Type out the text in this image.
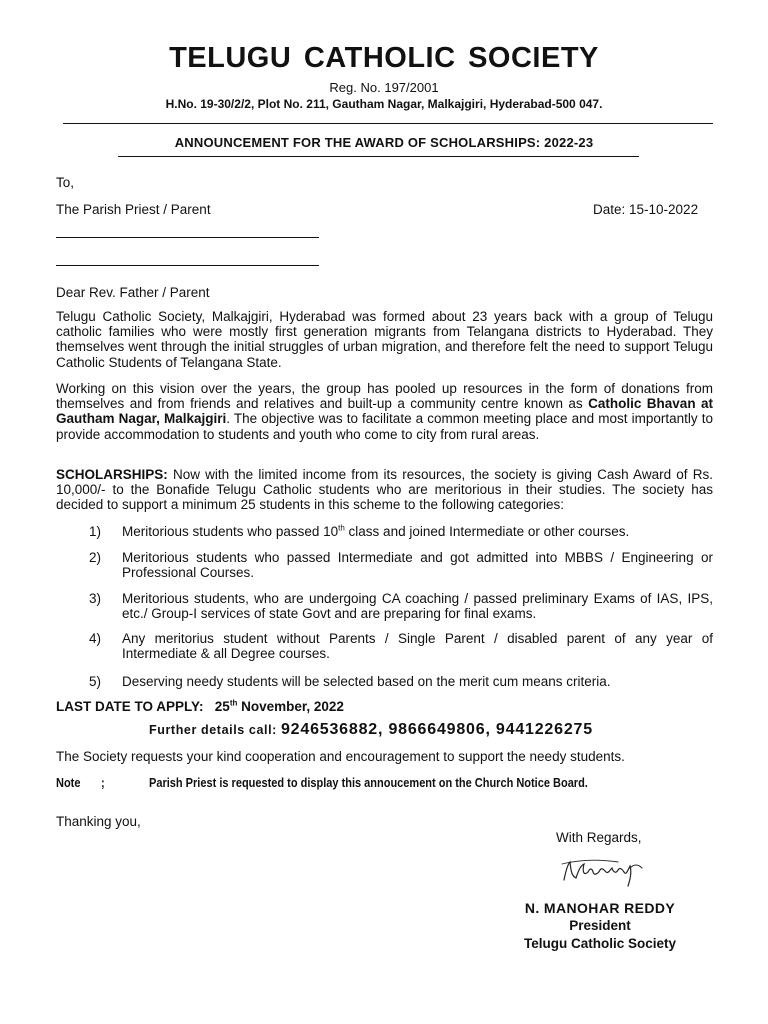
TELUGU CATHOLIC SOCIETY
Reg. No. 197/2001
H.No. 19-30/2/2, Plot No. 211, Gautham Nagar, Malkajgiri, Hyderabad-500 047.
ANNOUNCEMENT FOR THE AWARD OF SCHOLARSHIPS: 2022-23
To,
The Parish Priest / Parent	Date: 15-10-2022
Dear Rev. Father / Parent
Telugu Catholic Society, Malkajgiri, Hyderabad was formed about 23 years back with a group of Telugu catholic families who were mostly first generation migrants from Telangana districts to Hyderabad. They themselves went through the initial struggles of urban migration, and therefore felt the need to support Telugu Catholic Students of Telangana State.
Working on this vision over the years, the group has pooled up resources in the form of donations from themselves and from friends and relatives and built-up a community centre known as Catholic Bhavan at Gautham Nagar, Malkajgiri. The objective was to facilitate a common meeting place and most importantly to provide accommodation to students and youth who come to city from rural areas.
SCHOLARSHIPS: Now with the limited income from its resources, the society is giving Cash Award of Rs. 10,000/- to the Bonafide Telugu Catholic students who are meritorious in their studies. The society has decided to support a minimum 25 students in this scheme to the following categories:
1) Meritorious students who passed 10th class and joined Intermediate or other courses.
2) Meritorious students who passed Intermediate and got admitted into MBBS / Engineering or Professional Courses.
3) Meritorious students, who are undergoing CA coaching / passed preliminary Exams of IAS, IPS, etc./ Group-I services of state Govt and are preparing for final exams.
4) Any meritorius student without Parents / Single Parent / disabled parent of any year of Intermediate & all Degree courses.
5) Deserving needy students will be selected based on the merit cum means criteria.
LAST DATE TO APPLY: 25th November, 2022
Further details call: 9246536882, 9866649806, 9441226275
The Society requests your kind cooperation and encouragement to support the needy students.
Note ;	Parish Priest is requested to display this annoucement on the Church Notice Board.
Thanking you,
With Regards,
N. MANOHAR REDDY
President
Telugu Catholic Society
